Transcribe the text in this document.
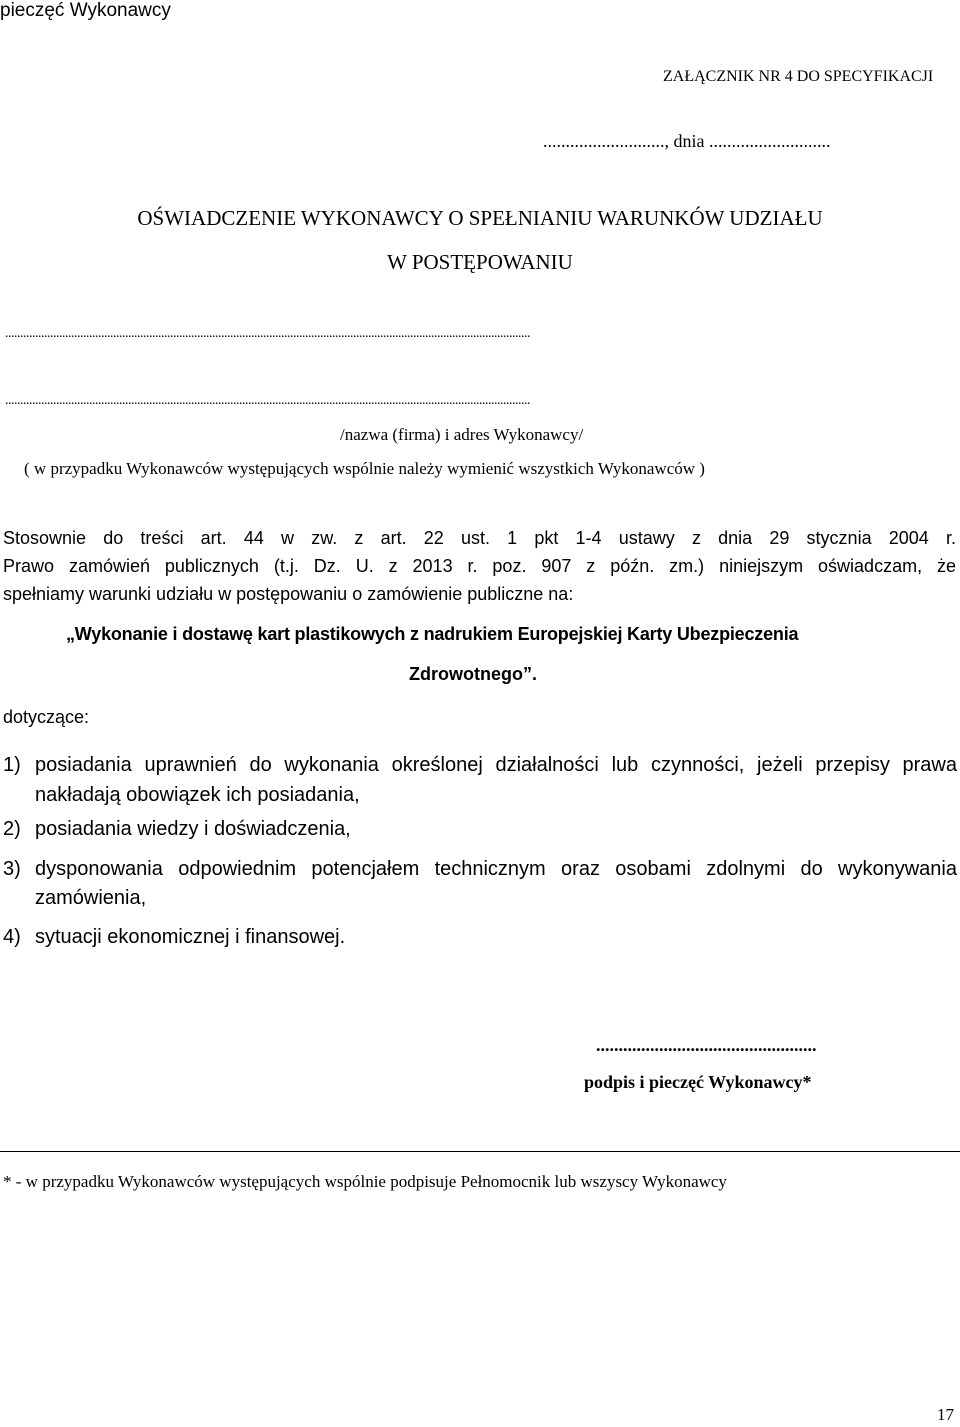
pieczęć Wykonawcy
ZAŁĄCZNIK NR 4 DO SPECYFIKACJI
..........................., dnia ...........................
OŚWIADCZENIE WYKONAWCY O SPEŁNIANIU WARUNKÓW UDZIAŁU
W POSTĘPOWANIU
...............................................................................................................................................................................
...............................................................................................................................................................................
/nazwa (firma) i adres Wykonawcy/
( w przypadku Wykonawców występujących wspólnie należy wymienić wszystkich Wykonawców )
Stosownie do treści art. 44 w zw. z art. 22 ust. 1 pkt 1-4 ustawy z dnia 29 stycznia 2004 r.
Prawo zamówień publicznych (t.j. Dz. U. z 2013 r. poz. 907 z późn. zm.) niniejszym oświadczam, że
spełniamy warunki udziału w postępowaniu o zamówienie publiczne na:
„Wykonanie i dostawę kart plastikowych z nadrukiem Europejskiej Karty Ubezpieczenia
Zdrowotnego”.
dotyczące:
1) posiadania uprawnień do wykonania określonej działalności lub czynności, jeżeli przepisy prawa
nakładają obowiązek ich posiadania,
2) posiadania wiedzy i doświadczenia,
3) dysponowania odpowiednim potencjałem technicznym oraz osobami zdolnymi do wykonywania
zamówienia,
4) sytuacji ekonomicznej i finansowej.
.................................................
podpis i pieczęć Wykonawcy*
* - w przypadku Wykonawców występujących wspólnie podpisuje Pełnomocnik lub wszyscy Wykonawcy
17
